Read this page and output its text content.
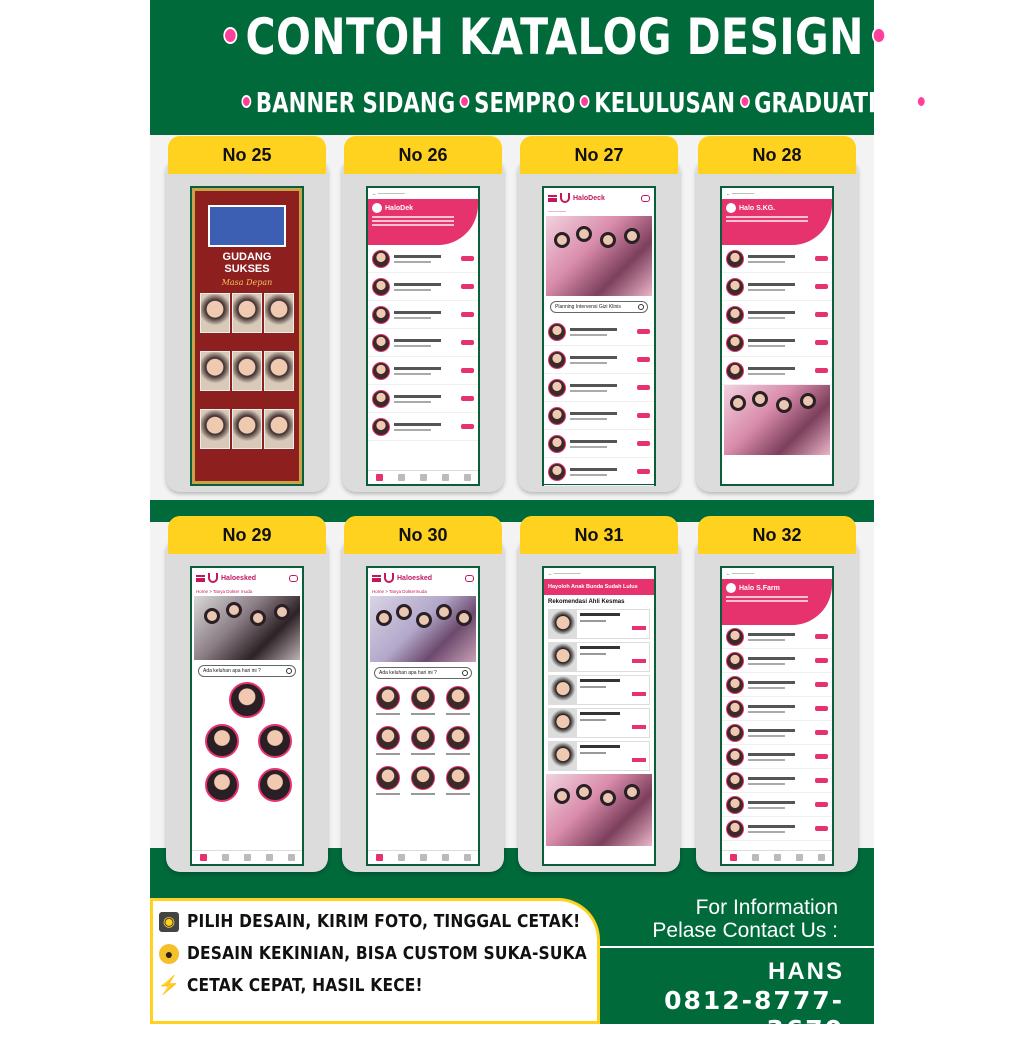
CONTOH KATALOG DESIGN
BANNER SIDANG SEMPRO KELULUSAN GRADUATION
No 25
GUDANG
SUKSES
Masa Depan
No 26
← ——————
HaloDek
No 27
HaloDeck

————
Planning Intervensi Gizi Klinis
No 28
← —————
Halo S.KG.
No 29
Haloesked

Home > Tanya Dokter muda
Ada keluhan apa hari ini ?
No 30
Haloesked

Home > Tanya Doktermuda
Ada keluhan apa hari ini ?
No 31
← ——————
Hayoloh Anak Bunda Sudah Lulus
Rekomendasi Ahli Kesmas
No 32
← —————
Halo S.Farm
◉ PILIH DESAIN, KIRIM FOTO, TINGGAL CETAK!
● DESAIN KEKINIAN, BISA CUSTOM SUKA-SUKA
⚡ CETAK CEPAT, HASIL KECE!
For Information
Pelase Contact Us :
HANS
0812-8777-3670
